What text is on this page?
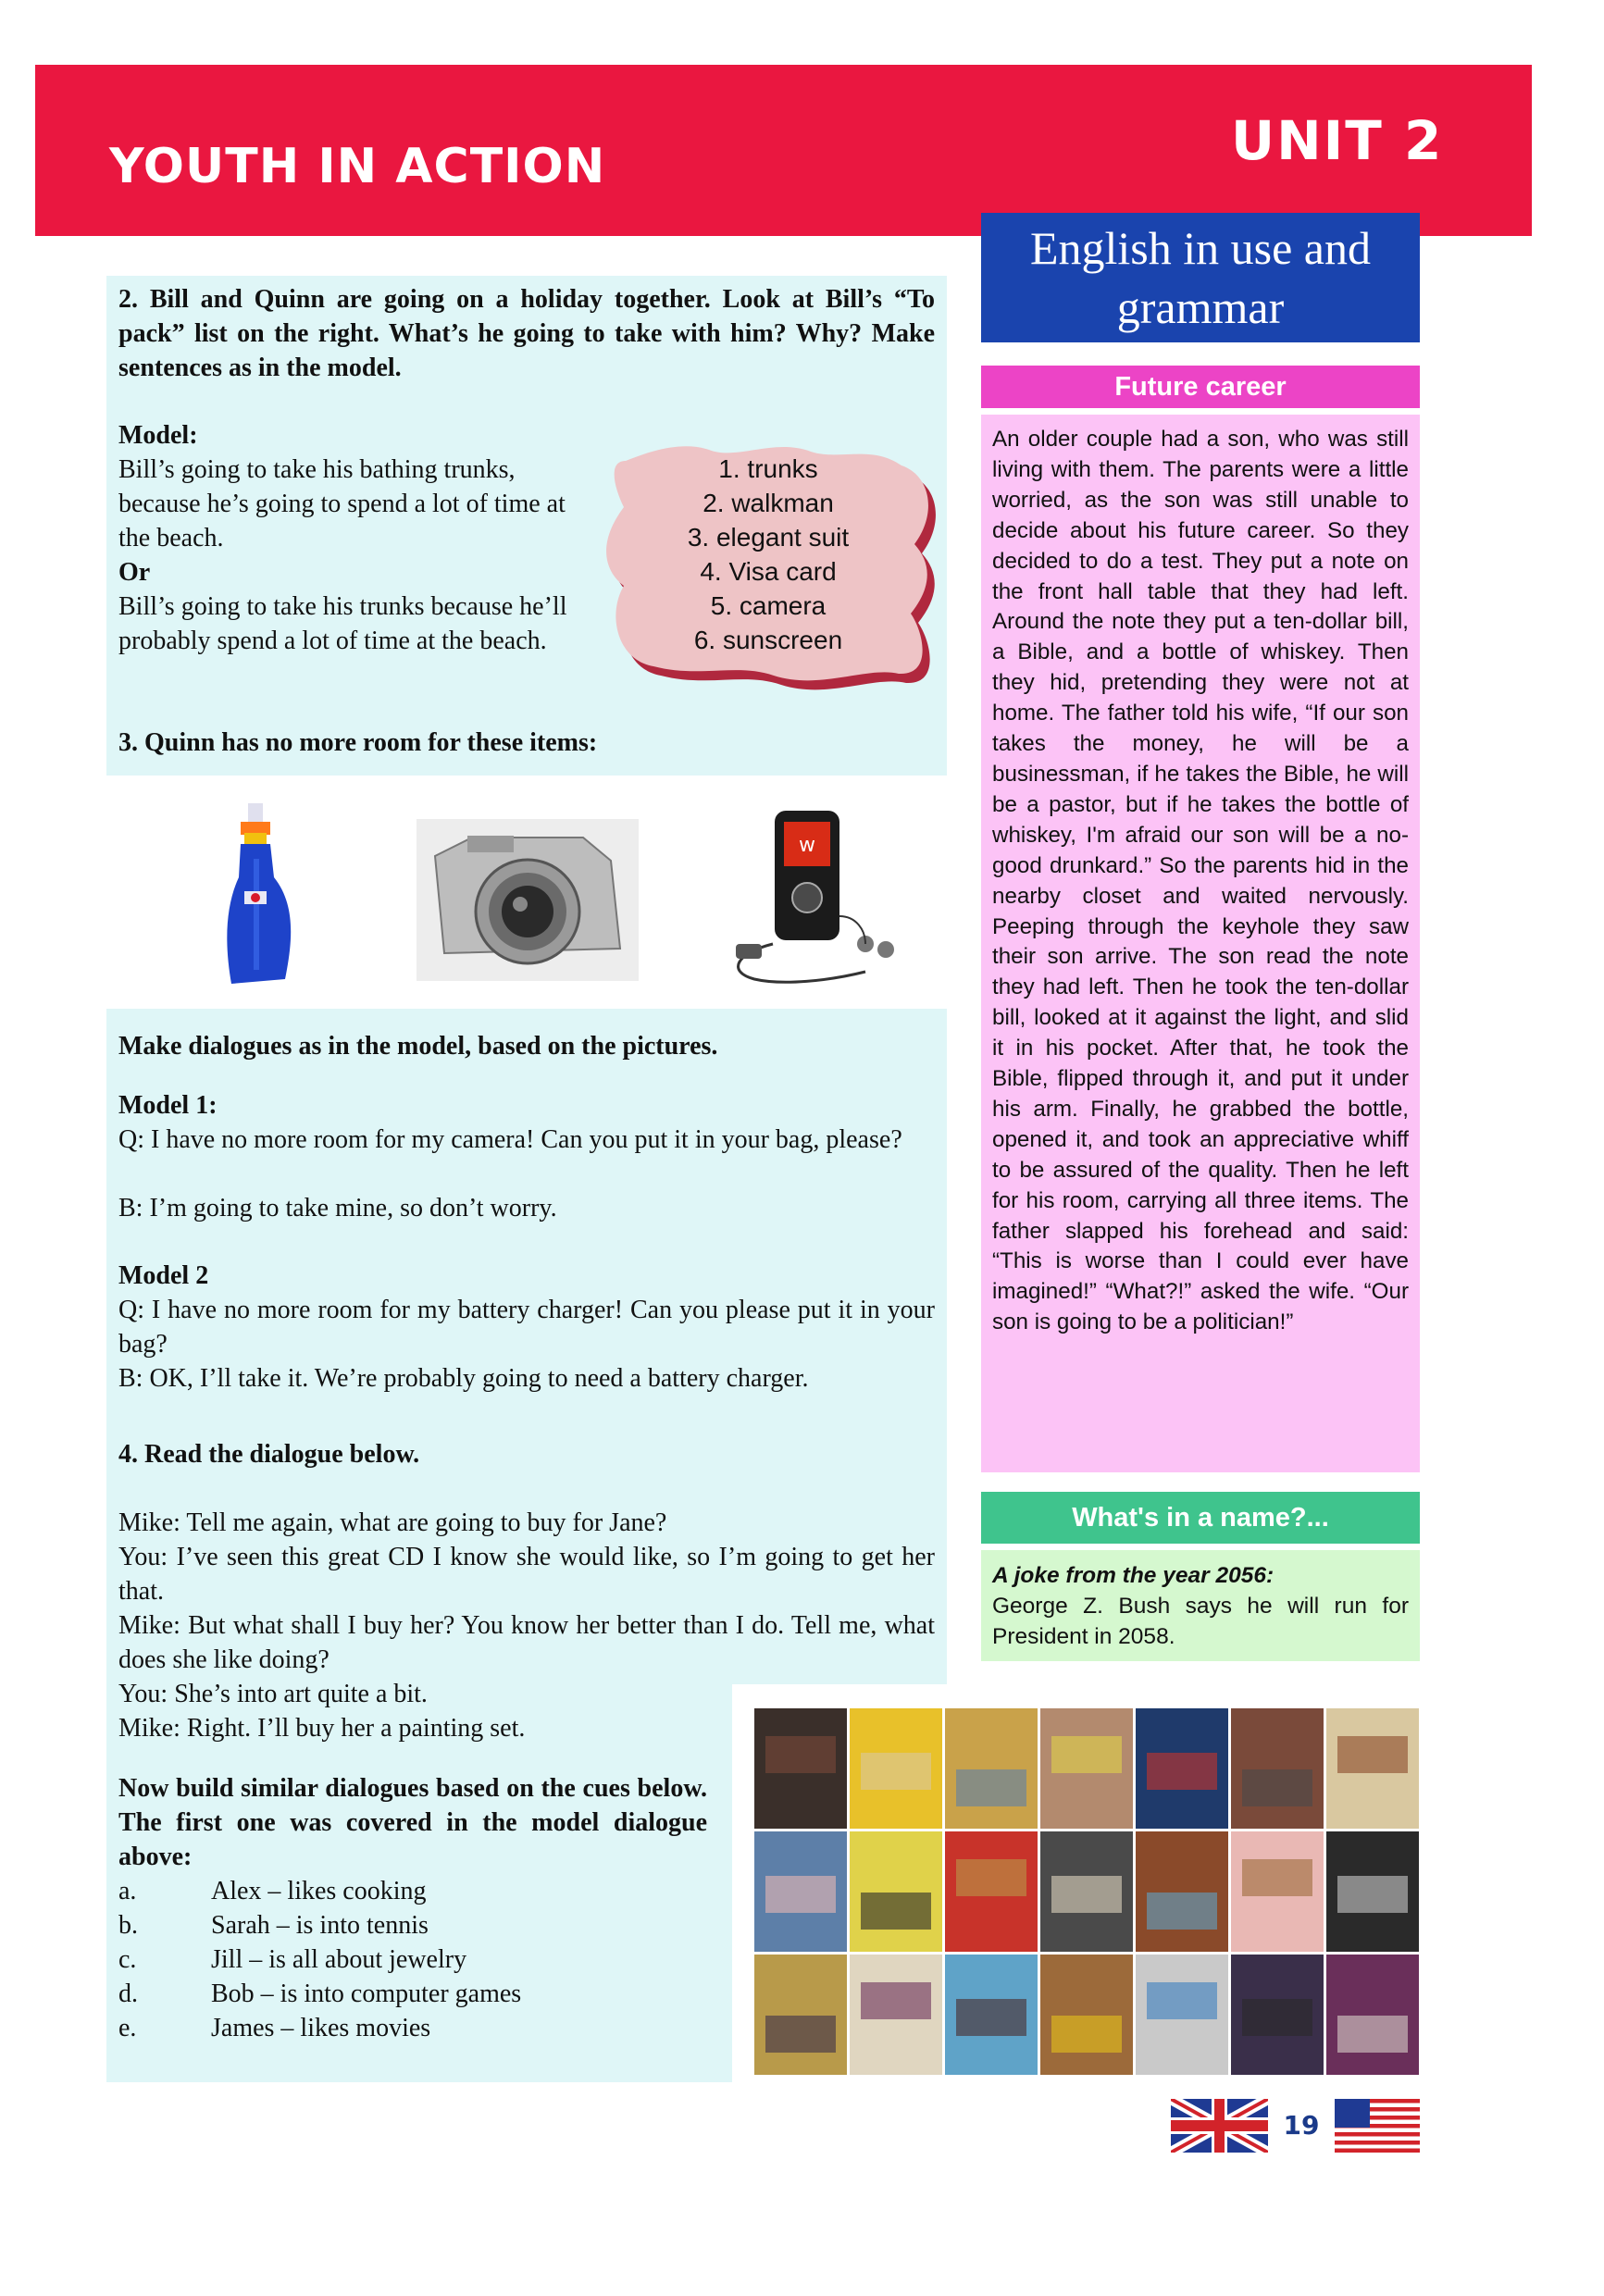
YOUTH IN ACTION	UNIT 2
2. Bill and Quinn are going on a holiday together. Look at Bill’s “To pack” list on the right. What’s he going to take with him? Why? Make sentences as in the model.
Model:
Bill’s going to take his bathing trunks, because he’s going to spend a lot of time at the beach.
Or
Bill’s going to take his trunks because he’ll probably spend a lot of time at the beach.
1. trunks
2. walkman
3. elegant suit
4. Visa card
5. camera
6. sunscreen
3. Quinn has no more room for these items:
w
Make dialogues as in the model, based on the pictures.
Model 1:
Q: I have no more room for my camera! Can you put it in your bag, please?
B: I’m going to take mine, so don’t worry.
Model 2
Q: I have no more room for my battery charger! Can you please put it in your bag?
B: OK, I’ll take it. We’re probably going to need a battery charger.
4. Read the dialogue below.
Mike: Tell me again, what are going to buy for Jane?
You: I’ve seen this great CD I know she would like, so I’m going to get her that.
Mike: But what shall I buy her? You know her better than I do. Tell me, what does she like doing?
You: She’s into art quite a bit.
Mike: Right. I’ll buy her a painting set.
Now build similar dialogues based on the cues below. The first one was covered in the model dialogue above:
a.	Alex – likes cooking
b.	Sarah – is into tennis
c.	Jill – is all about jewelry
d.	Bob – is into computer games
e.	James – likes movies
English in use and grammar
Future career
An older couple had a son, who was still living with them. The parents were a little worried, as the son was still unable to decide about his future career. So they decided to do a test. They put a note on the front hall table that they had left. Around the note they put a ten-dollar bill, a Bible, and a bottle of whiskey. Then they hid, pretending they were not at home. The father told his wife, “If our son takes the money, he will be a businessman, if he takes the Bible, he will be a pastor, but if he takes the bottle of whiskey, I'm afraid our son will be a no-good drunkard.” So the parents hid in the nearby closet and waited nervously. Peeping through the keyhole they saw their son arrive. The son read the note they had left. Then he took the ten-dollar bill, looked at it against the light, and slid it in his pocket. After that, he took the Bible, flipped through it, and put it under his arm. Finally, he grabbed the bottle, opened it, and took an appreciative whiff to be assured of the quality. Then he left for his room, carrying all three items. The father slapped his forehead and said: “This is worse than I could ever have imagined!” “What?!” asked the wife. “Our son is going to be a politician!”
What's in a name?...
A joke from the year 2056:
George Z. Bush says he will run for President in 2058.
19
